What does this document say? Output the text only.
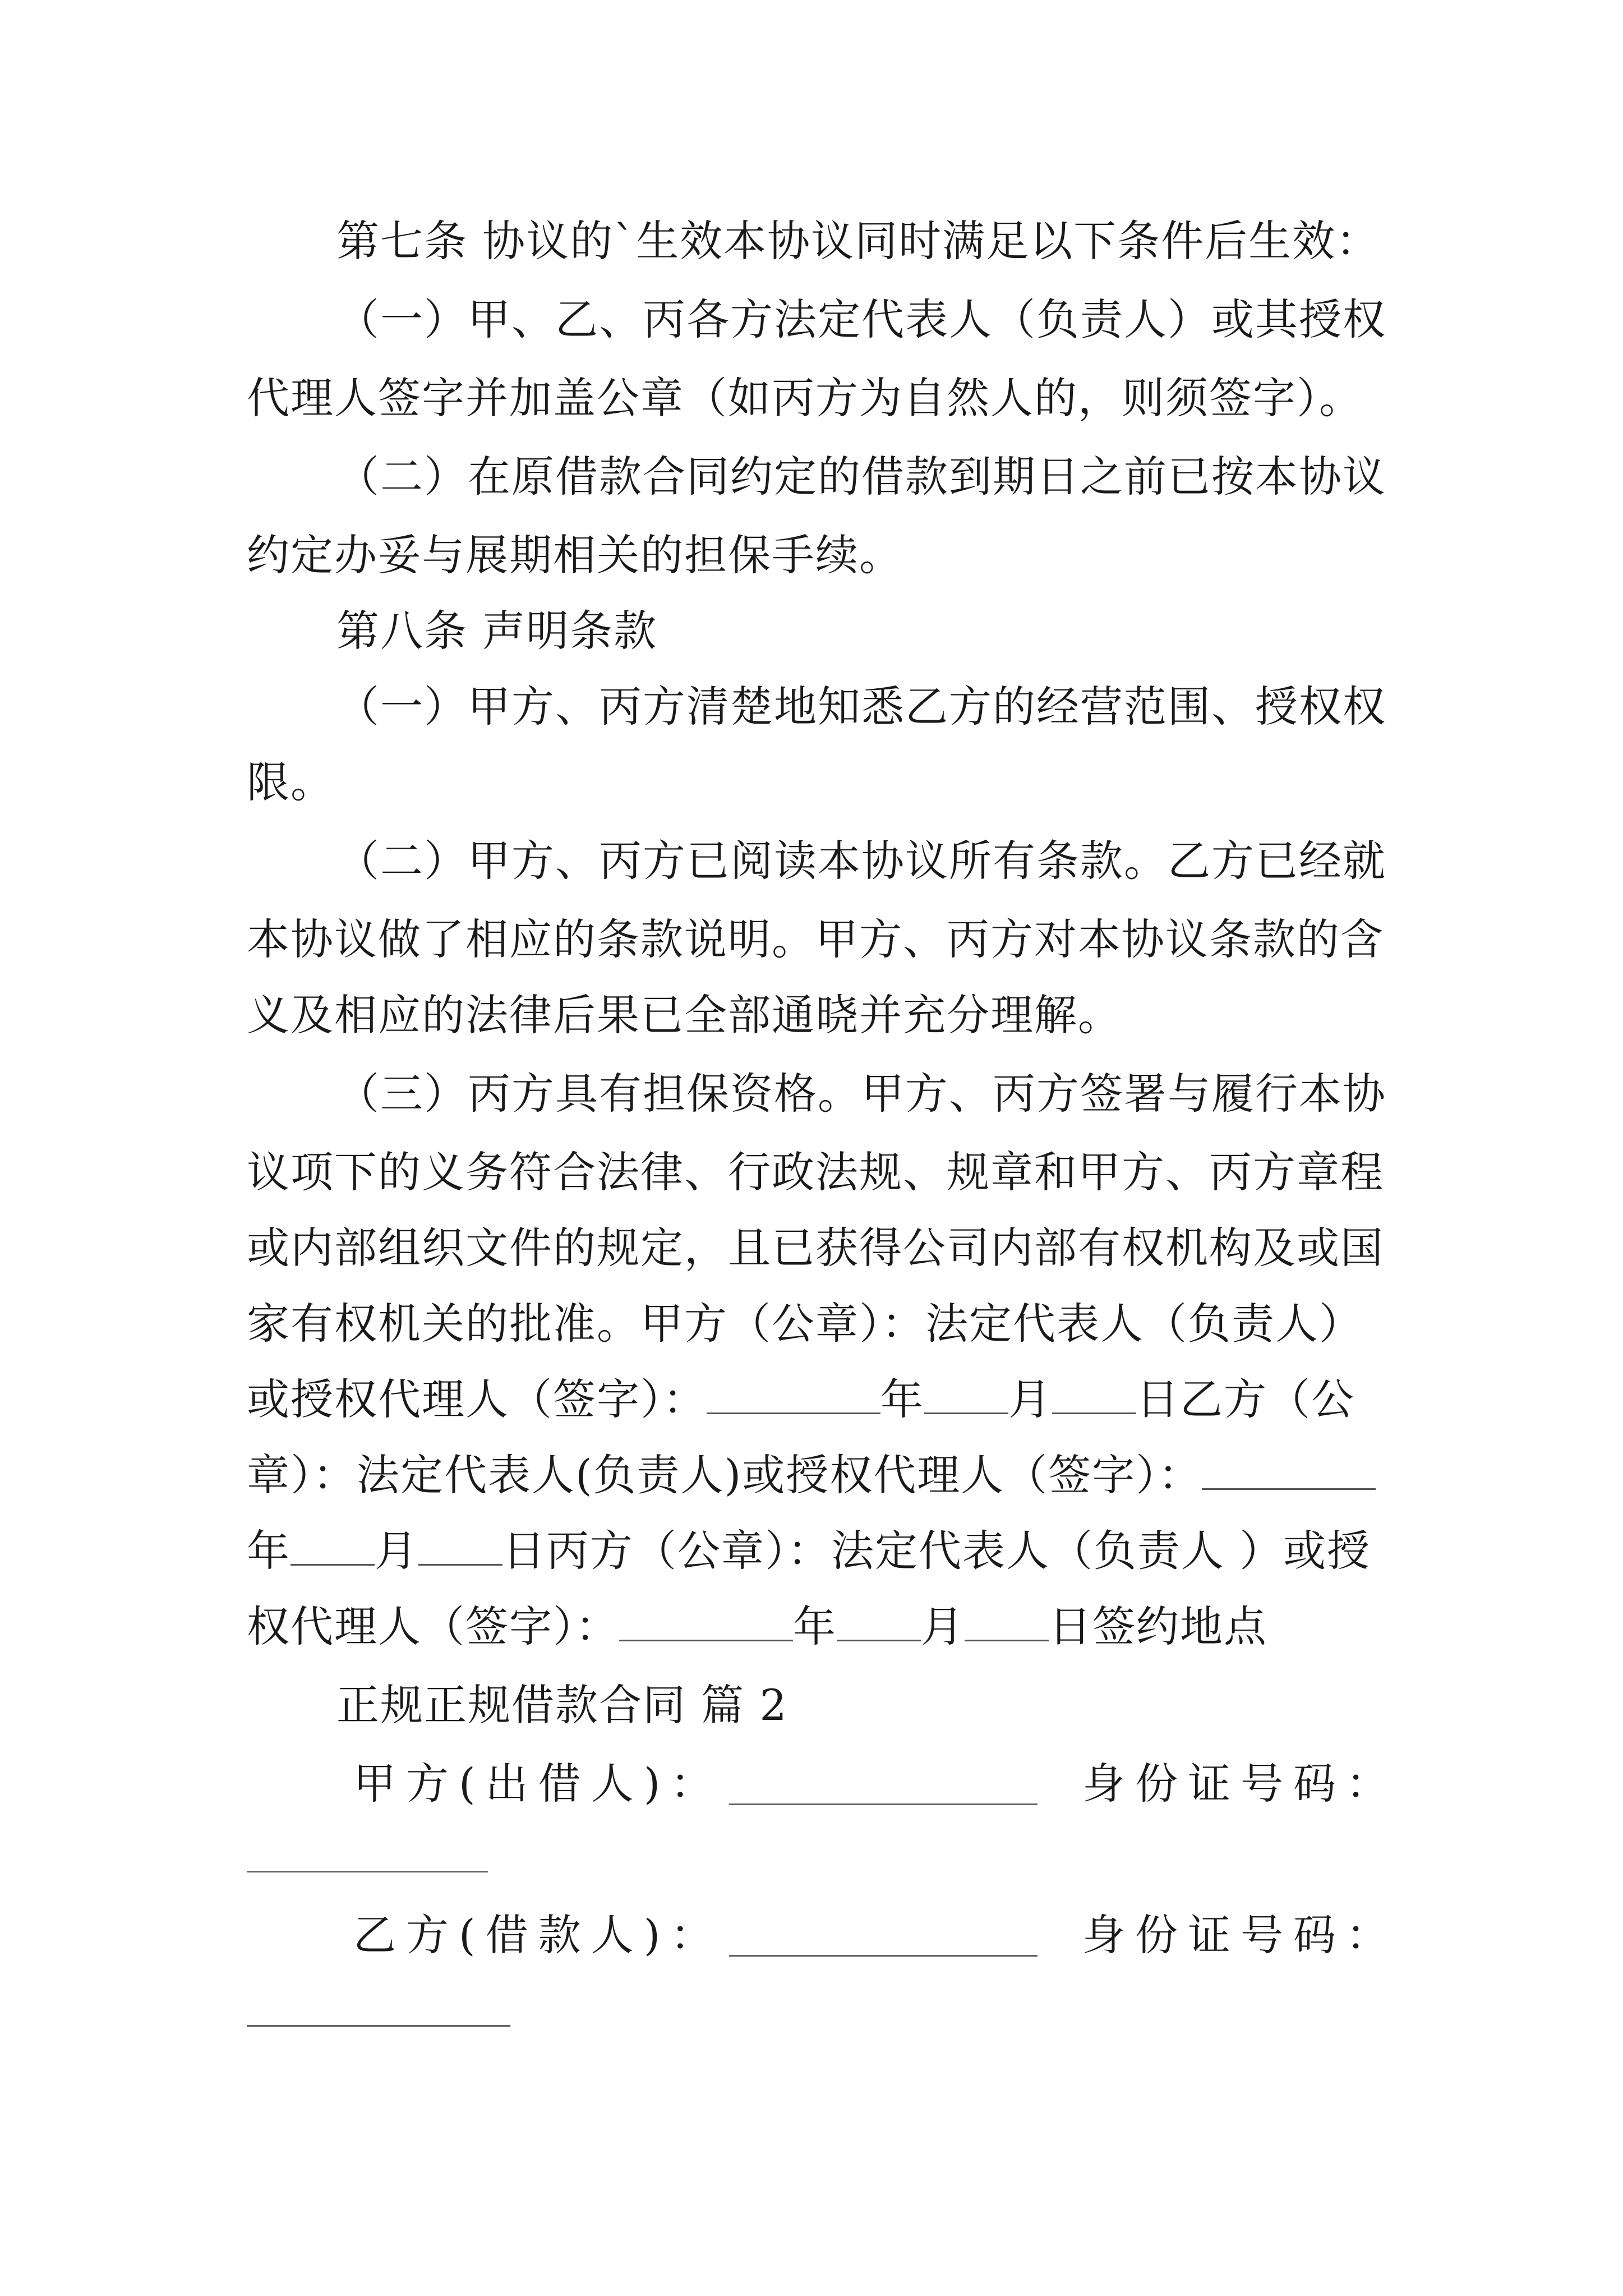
第七条 协议的`生效本协议同时满足以下条件后生效：
（一）甲、乙、丙各方法定代表人（负责人）或其授权
代理人签字并加盖公章（如丙方为自然人的，则须签字）。
（二）在原借款合同约定的借款到期日之前已按本协议
约定办妥与展期相关的担保手续。
第八条 声明条款
（一）甲方、丙方清楚地知悉乙方的经营范围、授权权
限。
（二）甲方、丙方已阅读本协议所有条款。乙方已经就
本协议做了相应的条款说明。甲方、丙方对本协议条款的含
义及相应的法律后果已全部通晓并充分理解。
（三）丙方具有担保资格。甲方、丙方签署与履行本协
议项下的义务符合法律、行政法规、规章和甲方、丙方章程
或内部组织文件的规定，且已获得公司内部有权机构及或国
家有权机关的批准。甲方（公章）：法定代表人（负责人）
或授权代理人（签字）：	年 月 日乙方（公
章）：法定代表人(负责人)或授权代理人（签字）：
年 月 日丙方（公章）：法定代表人（负责人 ）或授
权代理人（签字）：	年 月 日签约地点
正规正规借款合同 篇 2
甲方(出借人)：	身份证号码：
乙方(借款人)：	身份证号码：
